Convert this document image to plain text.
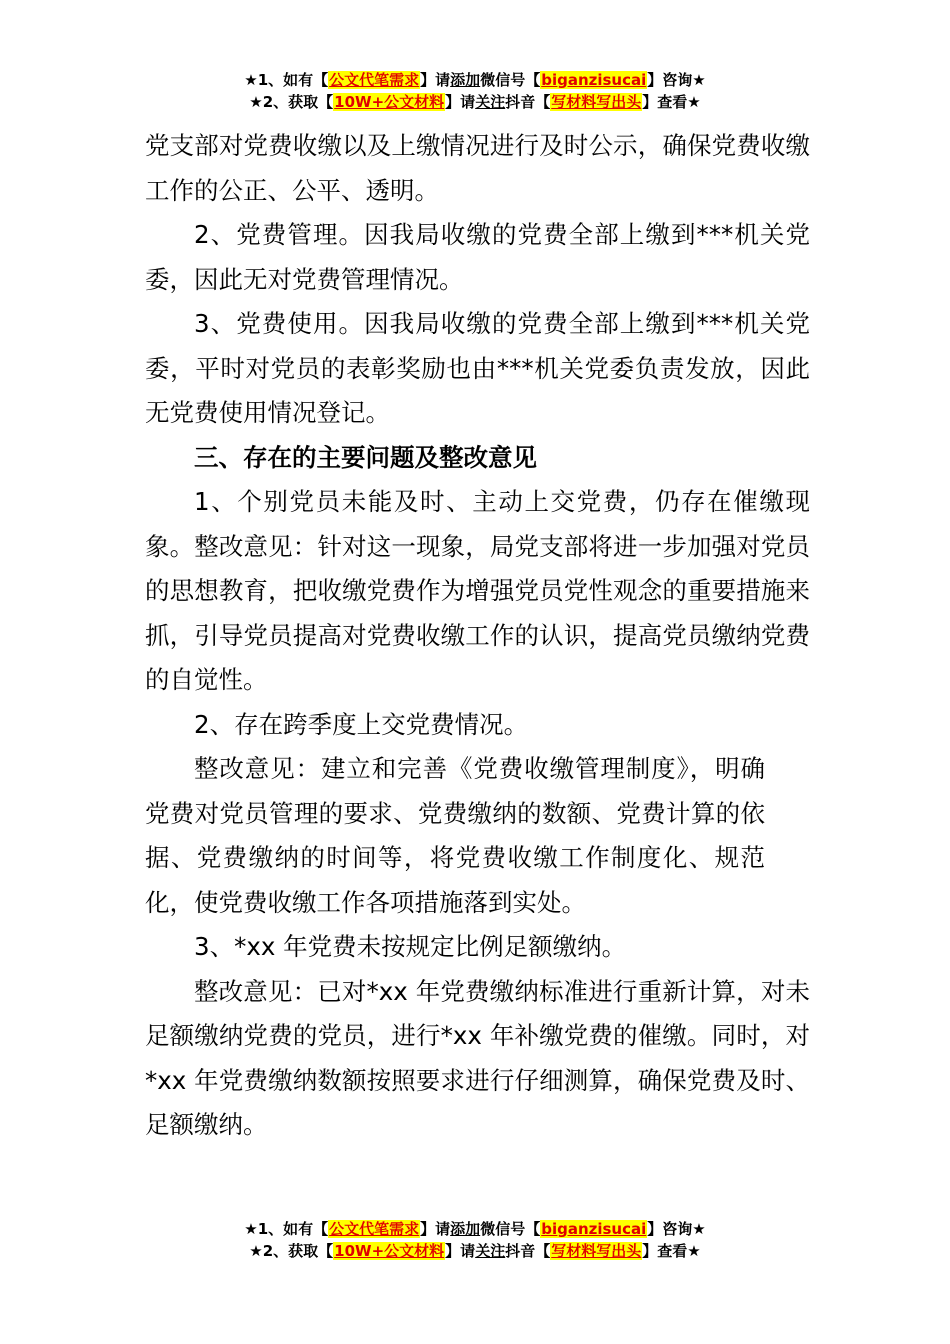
★1、如有【公文代笔需求】请添加微信号【biganzisucai】咨询★
★2、获取【10W+公文材料】请关注抖音【写材料写出头】查看★

党支部对党费收缴以及上缴情况进行及时公示，确保党费收缴工作的公正、公平、透明。

2、党费管理。因我局收缴的党费全部上缴到***机关党委，因此无对党费管理情况。

3、党费使用。因我局收缴的党费全部上缴到***机关党委，平时对党员的表彰奖励也由***机关党委负责发放，因此无党费使用情况登记。

三、存在的主要问题及整改意见

1、个别党员未能及时、主动上交党费，仍存在催缴现象。整改意见：针对这一现象，局党支部将进一步加强对党员的思想教育，把收缴党费作为增强党员党性观念的重要措施来抓，引导党员提高对党费收缴工作的认识，提高党员缴纳党费的自觉性。

2、存在跨季度上交党费情况。

整改意见：建立和完善《党费收缴管理制度》，明确党费对党员管理的要求、党费缴纳的数额、党费计算的依据、党费缴纳的时间等，将党费收缴工作制度化、规范化，使党费收缴工作各项措施落到实处。

3、*xx 年党费未按规定比例足额缴纳。

整改意见：已对*xx 年党费缴纳标准进行重新计算，对未足额缴纳党费的党员，进行*xx 年补缴党费的催缴。同时，对*xx 年党费缴纳数额按照要求进行仔细测算，确保党费及时、足额缴纳。

★1、如有【公文代笔需求】请添加微信号【biganzisucai】咨询★
★2、获取【10W+公文材料】请关注抖音【写材料写出头】查看★
